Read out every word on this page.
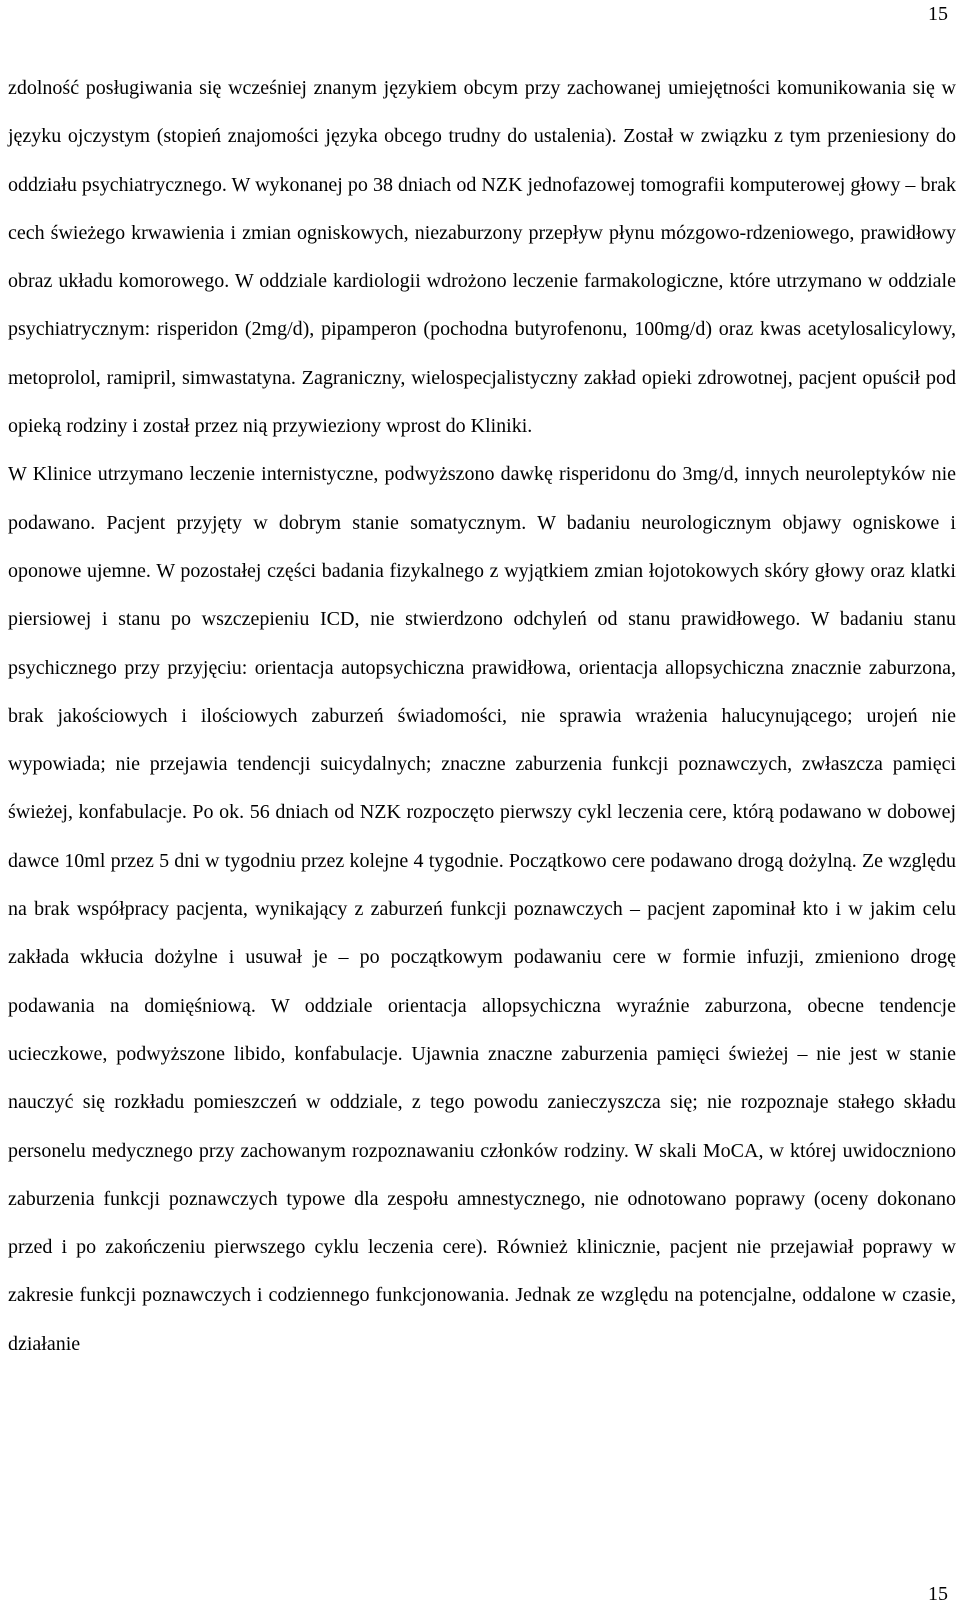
15

zdolność posługiwania się wcześniej znanym językiem obcym przy zachowanej umiejętności komunikowania się w języku ojczystym (stopień znajomości języka obcego trudny do ustalenia). Został w związku z tym przeniesiony do oddziału psychiatrycznego. W wykonanej po 38 dniach od NZK jednofazowej tomografii komputerowej głowy – brak cech świeżego krwawienia i zmian ogniskowych, niezaburzony przepływ płynu mózgowo-rdzeniowego, prawidłowy obraz układu komorowego. W oddziale kardiologii wdrożono leczenie farmakologiczne, które utrzymano w oddziale psychiatrycznym: risperidon (2mg/d), pipamperon (pochodna butyrofenonu, 100mg/d) oraz kwas acetylosalicylowy, metoprolol, ramipril, simwastatyna. Zagraniczny, wielospecjalistyczny zakład opieki zdrowotnej, pacjent opuścił pod opieką rodziny i został przez nią przywieziony wprost do Kliniki.

W Klinice utrzymano leczenie internistyczne, podwyższono dawkę risperidonu do 3mg/d, innych neuroleptyków nie podawano. Pacjent przyjęty w dobrym stanie somatycznym. W badaniu neurologicznym objawy ogniskowe i oponowe ujemne. W pozostałej części badania fizykalnego z wyjątkiem zmian łojotokowych skóry głowy oraz klatki piersiowej i stanu po wszczepieniu ICD, nie stwierdzono odchyleń od stanu prawidłowego. W badaniu stanu psychicznego przy przyjęciu: orientacja autopsychiczna prawidłowa, orientacja allopsychiczna znacznie zaburzona, brak jakościowych i ilościowych zaburzeń świadomości, nie sprawia wrażenia halucynującego; urojeń nie wypowiada; nie przejawia tendencji suicydalnych; znaczne zaburzenia funkcji poznawczych, zwłaszcza pamięci świeżej, konfabulacje. Po ok. 56 dniach od NZK rozpoczęto pierwszy cykl leczenia cere, którą podawano w dobowej dawce 10ml przez 5 dni w tygodniu przez kolejne 4 tygodnie. Początkowo cere podawano drogą dożylną. Ze względu na brak współpracy pacjenta, wynikający z zaburzeń funkcji poznawczych – pacjent zapominał kto i w jakim celu zakłada wkłucia dożylne i usuwał je – po początkowym podawaniu cere w formie infuzji, zmieniono drogę podawania na domięśniową. W oddziale orientacja allopsychiczna wyraźnie zaburzona, obecne tendencje ucieczkowe, podwyższone libido, konfabulacje. Ujawnia znaczne zaburzenia pamięci świeżej – nie jest w stanie nauczyć się rozkładu pomieszczeń w oddziale, z tego powodu zanieczyszcza się; nie rozpoznaje stałego składu personelu medycznego przy zachowanym rozpoznawaniu członków rodziny. W skali MoCA, w której uwidoczniono zaburzenia funkcji poznawczych typowe dla zespołu amnestycznego, nie odnotowano poprawy (oceny dokonano przed i po zakończeniu pierwszego cyklu leczenia cere). Również klinicznie, pacjent nie przejawiał poprawy w zakresie funkcji poznawczych i codziennego funkcjonowania. Jednak ze względu na potencjalne, oddalone w czasie, działanie

15
